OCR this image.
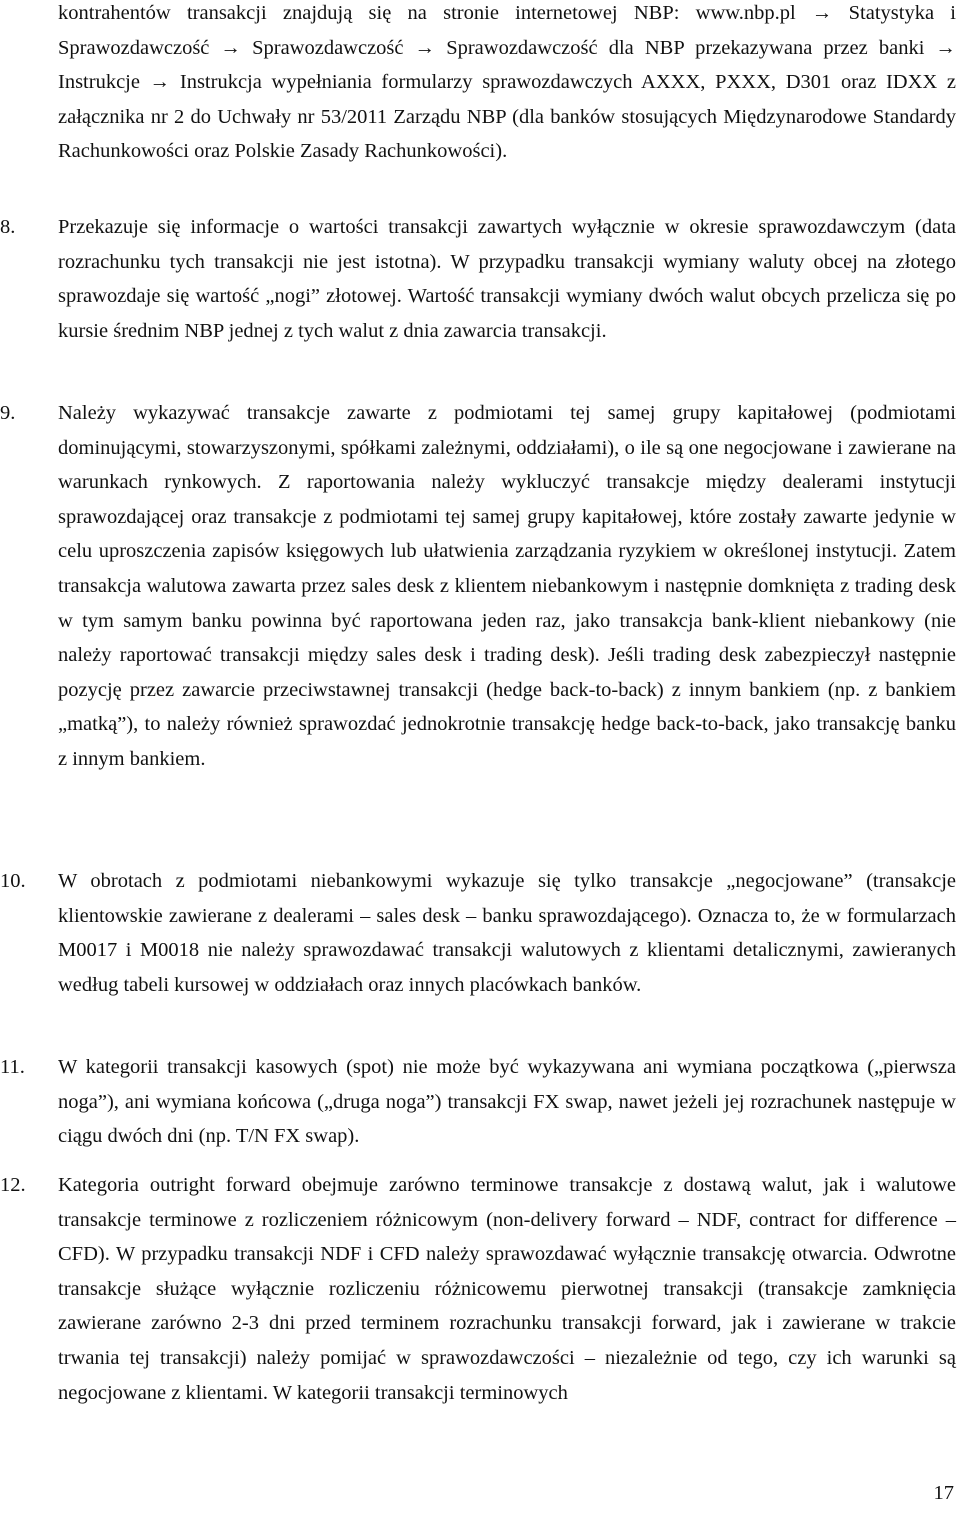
kontrahentów transakcji znajdują się na stronie internetowej NBP: www.nbp.pl → Statystyka i Sprawozdawczość → Sprawozdawczość → Sprawozdawczość dla NBP przekazywana przez banki → Instrukcje → Instrukcja wypełniania formularzy sprawozdawczych AXXX, PXXX, D301 oraz IDXX z załącznika nr 2 do Uchwały nr 53/2011 Zarządu NBP (dla banków stosujących Międzynarodowe Standardy Rachunkowości oraz Polskie Zasady Rachunkowości).

8.	Przekazuje się informacje o wartości transakcji zawartych wyłącznie w okresie sprawozdawczym (data rozrachunku tych transakcji nie jest istotna). W przypadku transakcji wymiany waluty obcej na złotego sprawozdaje się wartość „nogi” złotowej. Wartość transakcji wymiany dwóch walut obcych przelicza się po kursie średnim NBP jednej z tych walut z dnia zawarcia transakcji.
9.	Należy wykazywać transakcje zawarte z podmiotami tej samej grupy kapitałowej (podmiotami dominującymi, stowarzyszonymi, spółkami zależnymi, oddziałami), o ile są one negocjowane i zawierane na warunkach rynkowych. Z raportowania należy wykluczyć transakcje między dealerami instytucji sprawozdającej oraz transakcje z podmiotami tej samej grupy kapitałowej, które zostały zawarte jedynie w celu uproszczenia zapisów księgowych lub ułatwienia zarządzania ryzykiem w określonej instytucji. Zatem transakcja walutowa zawarta przez sales desk z klientem niebankowym i następnie domknięta z trading desk w tym samym banku powinna być raportowana jeden raz, jako transakcja bank-klient niebankowy (nie należy raportować transakcji między sales desk i trading desk). Jeśli trading desk zabezpieczył następnie pozycję przez zawarcie przeciwstawnej transakcji (hedge back-to-back) z innym bankiem (np. z bankiem „matką”), to należy również sprawozdać jednokrotnie transakcję hedge back-to-back, jako transakcję banku z innym bankiem.
10.	W obrotach z podmiotami niebankowymi wykazuje się tylko transakcje „negocjowane” (transakcje klientowskie zawierane z dealerami – sales desk – banku sprawozdającego). Oznacza to, że w formularzach M0017 i M0018 nie należy sprawozdawać transakcji walutowych z klientami detalicznymi, zawieranych według tabeli kursowej w oddziałach oraz innych placówkach banków.
11.	W kategorii transakcji kasowych (spot) nie może być wykazywana ani wymiana początkowa („pierwsza noga”), ani wymiana końcowa („druga noga”) transakcji FX swap, nawet jeżeli jej rozrachunek następuje w ciągu dwóch dni (np. T/N FX swap).
12.	Kategoria outright forward obejmuje zarówno terminowe transakcje z dostawą walut, jak i walutowe transakcje terminowe z rozliczeniem różnicowym (non-delivery forward – NDF, contract for difference – CFD). W przypadku transakcji NDF i CFD należy sprawozdawać wyłącznie transakcję otwarcia. Odwrotne transakcje służące wyłącznie rozliczeniu różnicowemu pierwotnej transakcji (transakcje zamknięcia zawierane zarówno 2-3 dni przed terminem rozrachunku transakcji forward, jak i zawierane w trakcie trwania tej transakcji) należy pomijać w sprawozdawczości – niezależnie od tego, czy ich warunki są negocjowane z klientami. W kategorii transakcji terminowych
17
